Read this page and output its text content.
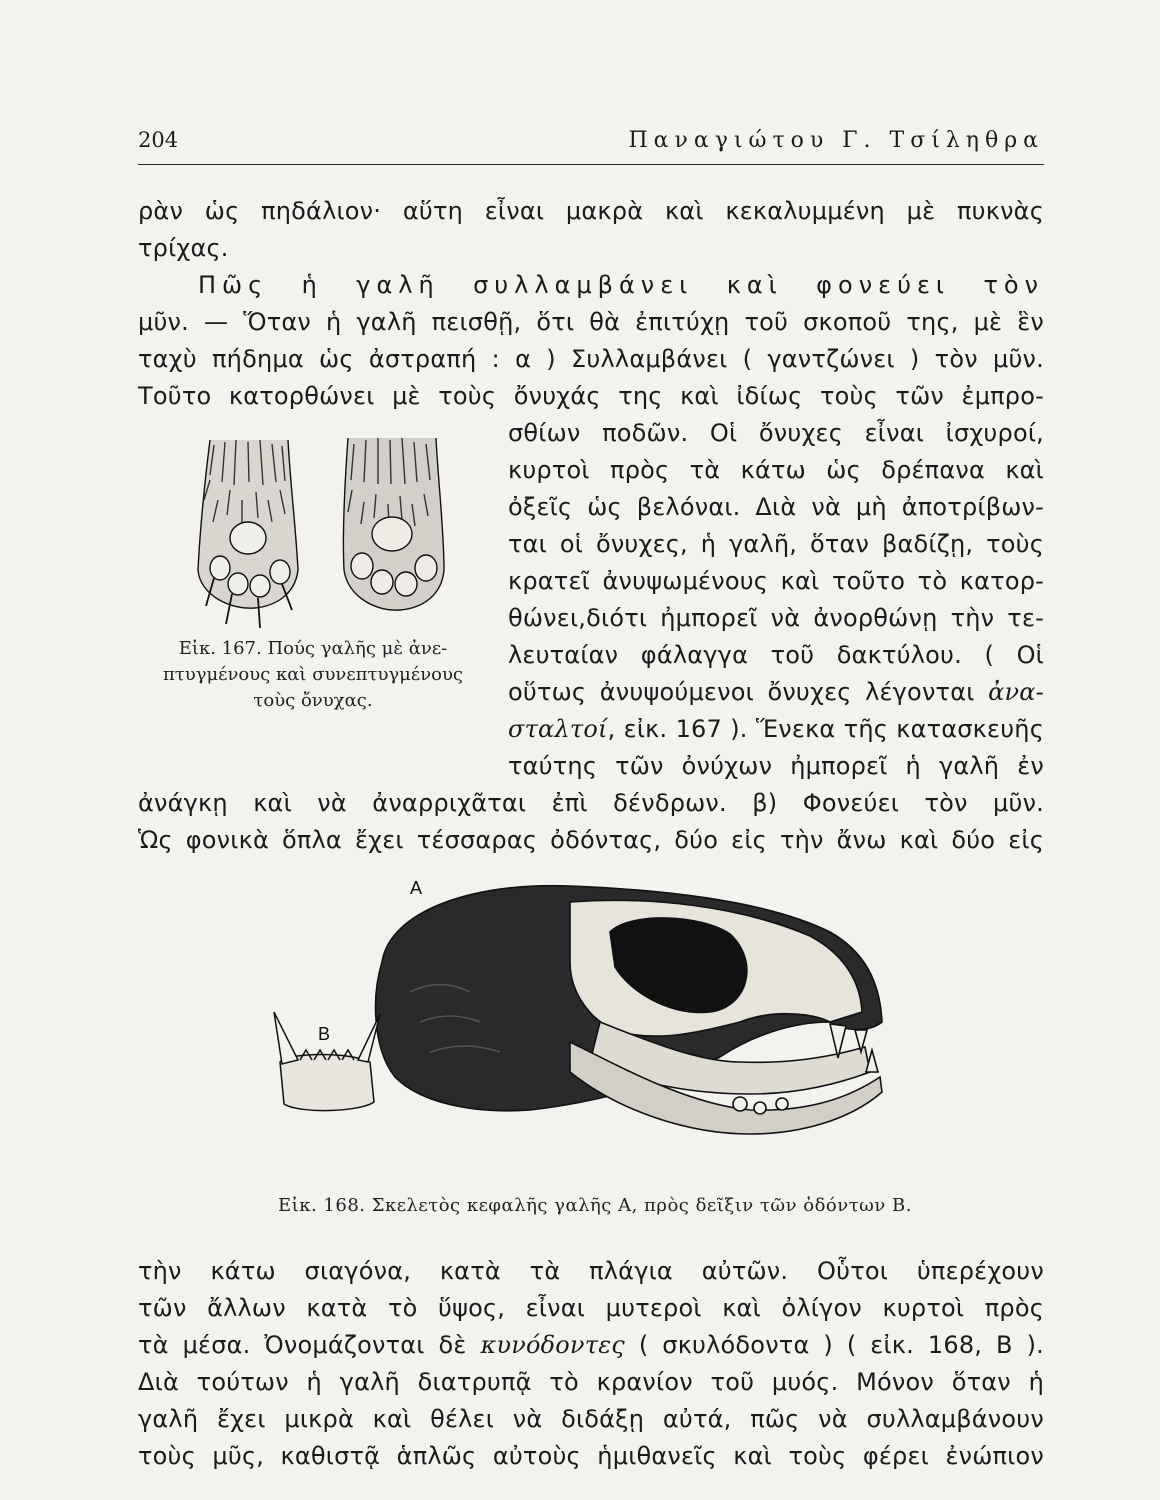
204	Παναγιώτου Γ. Τσίληθρα
ρὰν ὡς πηδάλιον· αὕτη εἶναι μακρὰ καὶ κεκαλυμμένη μὲ πυκνὰς
τρίχας.
Πῶς ἡ γαλῆ συλλαμβάνει καὶ φονεύει τὸν
μῦν. — Ὅταν ἡ γαλῆ πεισθῇ, ὅτι θὰ ἐπιτύχῃ τοῦ σκοποῦ της, μὲ ἓν
ταχὺ πήδημα ὡς ἀστραπή : α ) Συλλαμβάνει ( γαντζώνει ) τὸν μῦν.
Τοῦτο κατορθώνει μὲ τοὺς ὄνυχάς της καὶ ἰδίως τοὺς τῶν ἐμπρο-
σθίων ποδῶν. Οἱ ὄνυχες εἶναι ἰσχυροί,
κυρτοὶ πρὸς τὰ κάτω ὡς δρέπανα καὶ
ὀξεῖς ὡς βελόναι. Διὰ νὰ μὴ ἀποτρίβων-
ται οἱ ὄνυχες, ἡ γαλῆ, ὅταν βαδίζῃ, τοὺς
κρατεῖ ἀνυψωμένους καὶ τοῦτο τὸ κατορ-
θώνει,διότι ἠμπορεῖ νὰ ἀνορθώνῃ τὴν τε-
λευταίαν φάλαγγα τοῦ δακτύλου. ( Οἱ
οὕτως ἀνυψούμενοι ὄνυχες λέγονται ἀνα-
σταλτοί, εἰκ. 167 ). Ἕνεκα τῆς κατασκευῆς
ταύτης τῶν ὀνύχων ἠμπορεῖ ἡ γαλῆ ἐν
Εἰκ. 167. Πούς γαλῆς μὲ ἀνε-
πτυγμένους καὶ συνεπτυγμένους
τοὺς ὄνυχας.
ἀνάγκῃ καὶ νὰ ἀναρριχᾶται ἐπὶ δένδρων. β) Φονεύει τὸν μῦν.
Ὡς φονικὰ ὅπλα ἔχει τέσσαρας ὀδόντας, δύο εἰς τὴν ἄνω καὶ δύο εἰς
A
B
Εἰκ. 168. Σκελετὸς κεφαλῆς γαλῆς A, πρὸς δεῖξιν τῶν ὀδόντων B.
τὴν κάτω σιαγόνα, κατὰ τὰ πλάγια αὐτῶν. Οὗτοι ὑπερέχουν
τῶν ἄλλων κατὰ τὸ ὕψος, εἶναι μυτεροὶ καὶ ὀλίγον κυρτοὶ πρὸς
τὰ μέσα. Ὀνομάζονται δὲ κυνόδοντες ( σκυλόδοντα ) ( εἰκ. 168, B ).
Διὰ τούτων ἡ γαλῆ διατρυπᾷ τὸ κρανίον τοῦ μυός. Μόνον ὅταν ἡ
γαλῆ ἔχει μικρὰ καὶ θέλει νὰ διδάξῃ αὐτά, πῶς νὰ συλλαμβάνουν
τοὺς μῦς, καθιστᾷ ἁπλῶς αὐτοὺς ἡμιθανεῖς καὶ τοὺς φέρει ἐνώπιον
